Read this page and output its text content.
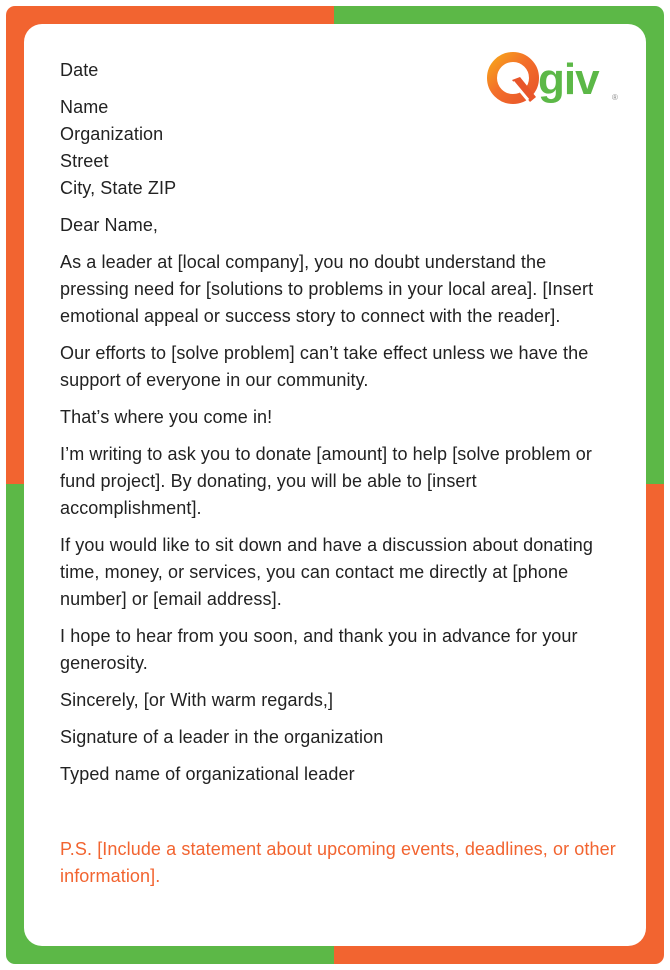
giv ®

Date

Name

Organization

Street

City, State ZIP

Dear Name,

As a leader at [local company], you no doubt understand the pressing need for [solutions to problems in your local area]. [Insert emotional appeal or success story to connect with the reader].

Our efforts to [solve problem] can’t take effect unless we have the support of everyone in our community.

That’s where you come in!

I’m writing to ask you to donate [amount] to help [solve problem or fund project]. By donating, you will be able to [insert accomplishment].

If you would like to sit down and have a discussion about donating time, money, or services, you can contact me directly at [phone number] or [email address].

I hope to hear from you soon, and thank you in advance for your generosity.

Sincerely, [or With warm regards,]

Signature of a leader in the organization

Typed name of organizational leader

P.S. [Include a statement about upcoming events, deadlines, or other information].
